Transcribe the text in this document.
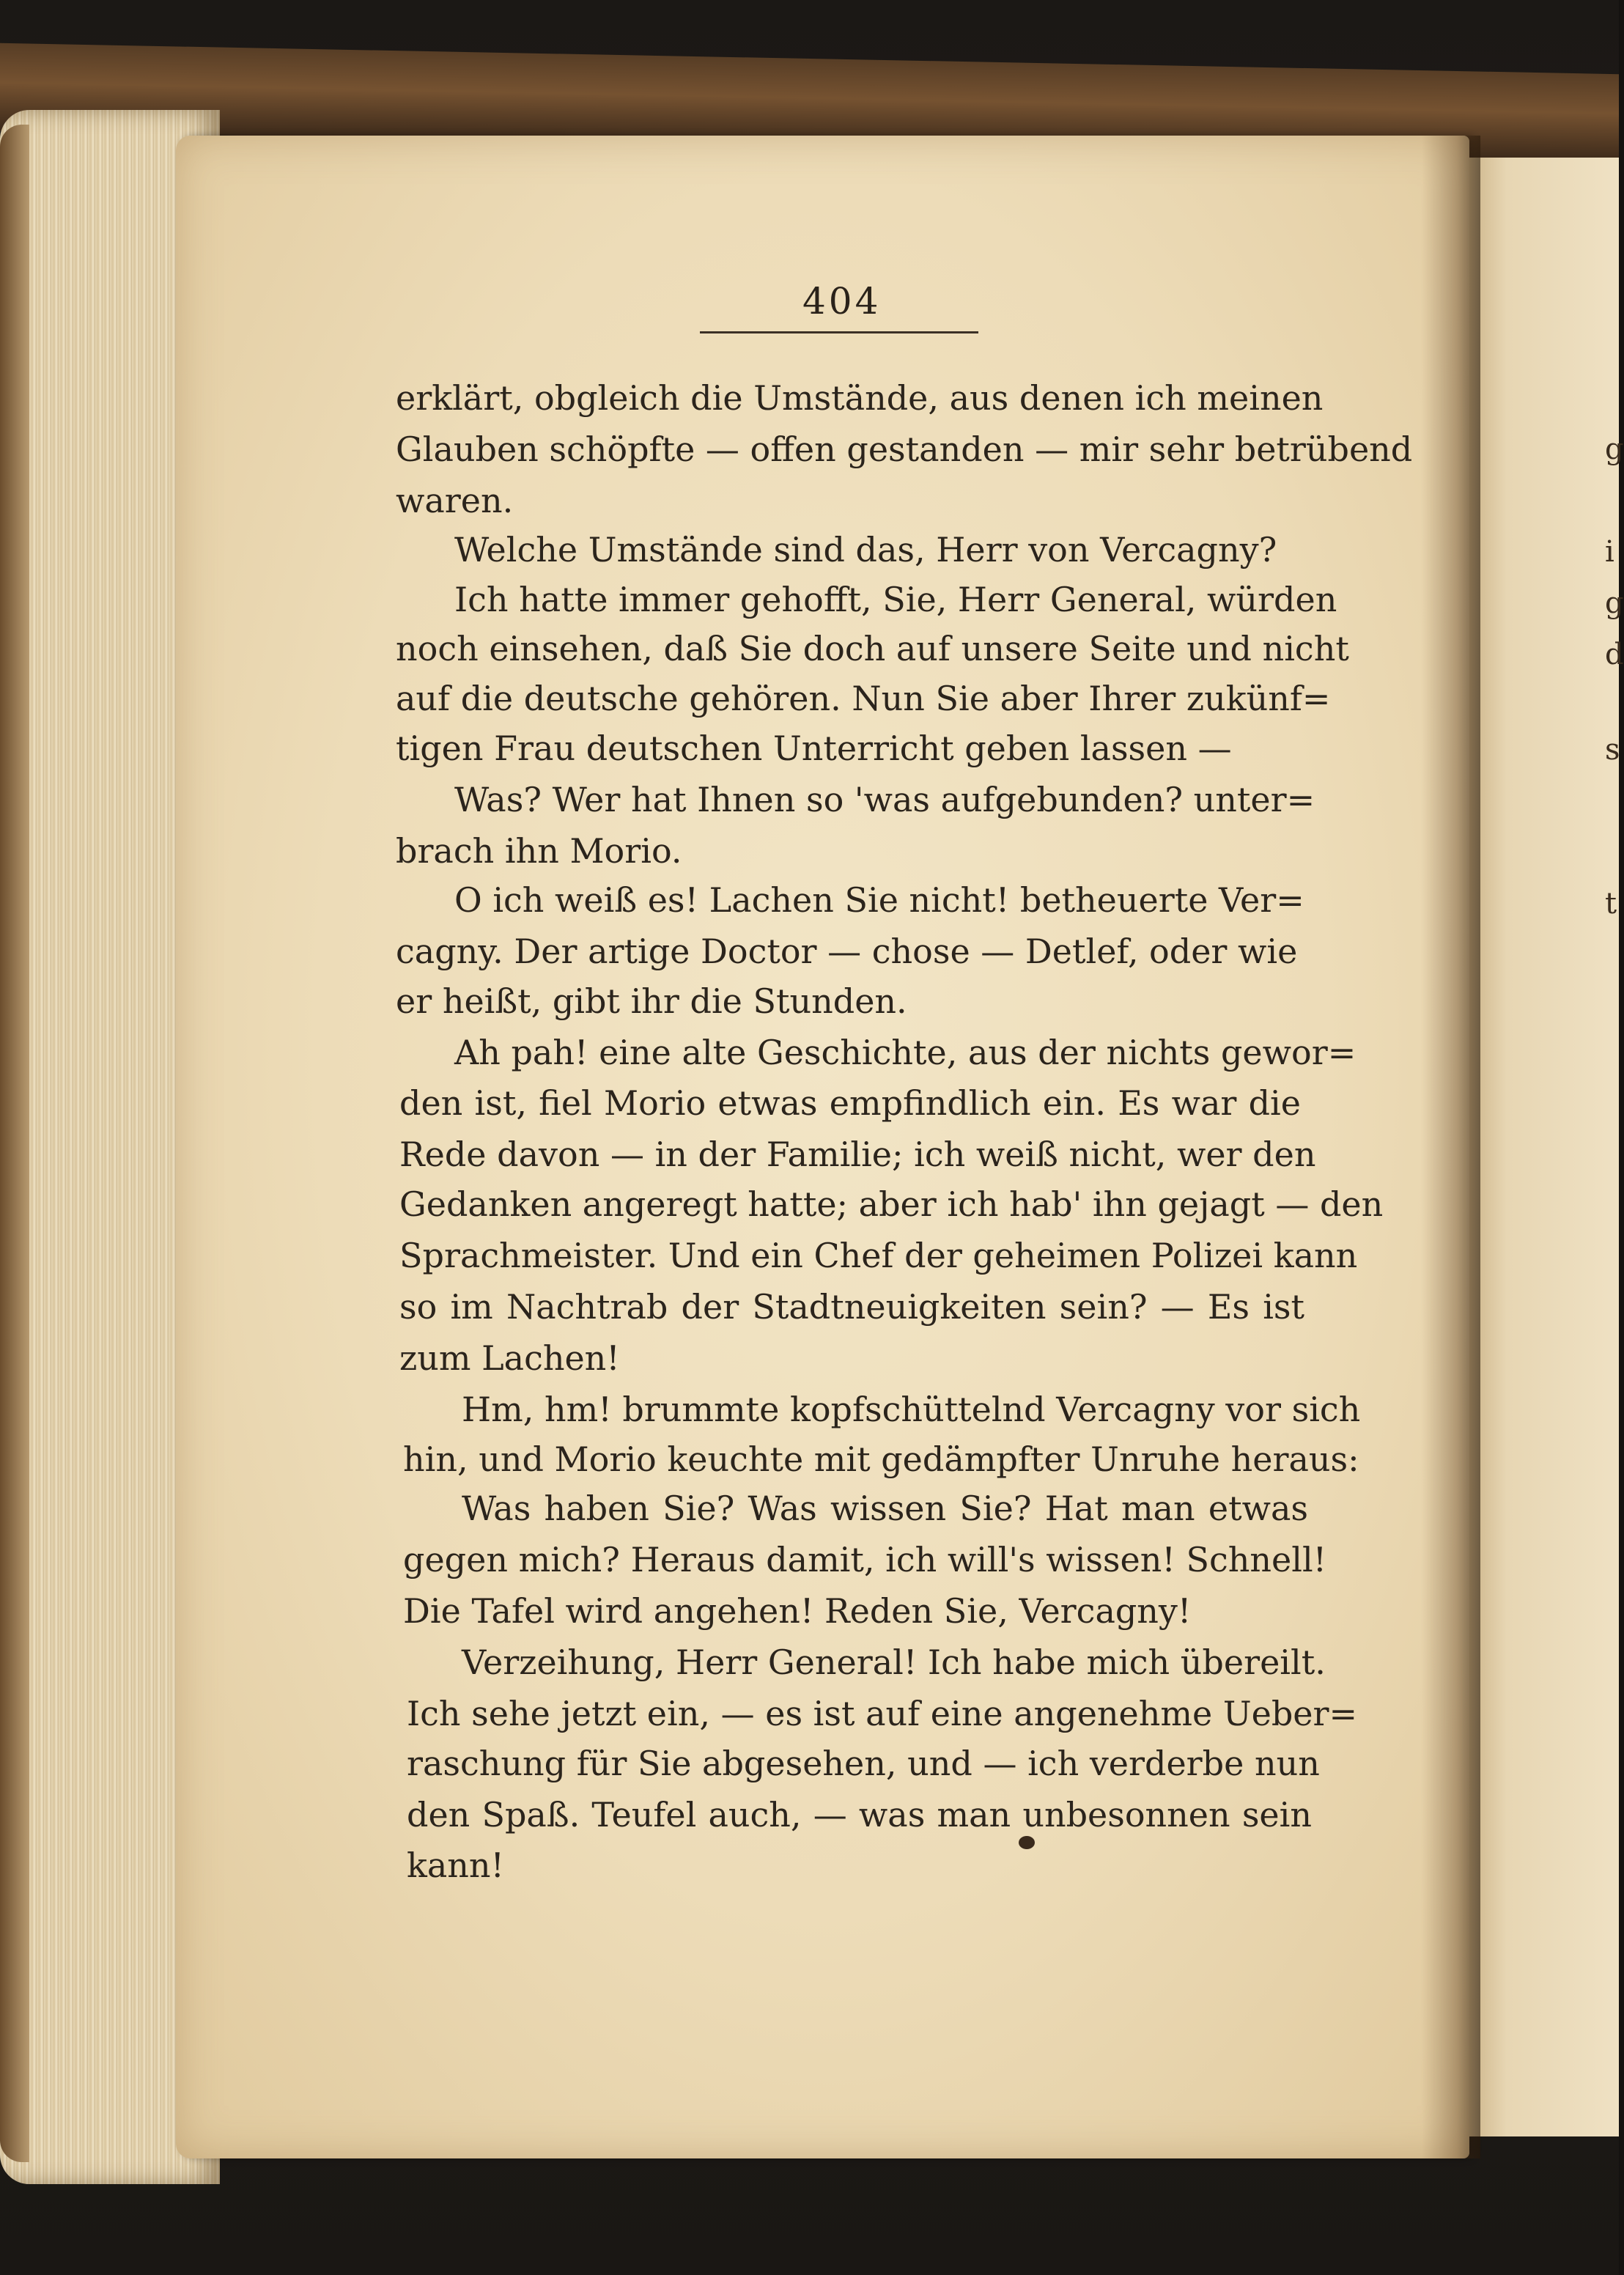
g
i
g
d
s
t
404
erklärt, obgleich die Umstände, aus denen ich meinen
Glauben schöpfte — offen gestanden — mir sehr betrübend
waren.
Welche Umstände sind das, Herr von Vercagny?
Ich hatte immer gehofft, Sie, Herr General, würden
noch einsehen, daß Sie doch auf unsere Seite und nicht
auf die deutsche gehören. Nun Sie aber Ihrer zukünf=
tigen Frau deutschen Unterricht geben lassen —
Was? Wer hat Ihnen so 'was aufgebunden? unter=
brach ihn Morio.
O ich weiß es! Lachen Sie nicht! betheuerte Ver=
cagny. Der artige Doctor — chose — Detlef, oder wie
er heißt, gibt ihr die Stunden.
Ah pah! eine alte Geschichte, aus der nichts gewor=
den ist, fiel Morio etwas empfindlich ein. Es war die
Rede davon — in der Familie; ich weiß nicht, wer den
Gedanken angeregt hatte; aber ich hab' ihn gejagt — den
Sprachmeister. Und ein Chef der geheimen Polizei kann
so im Nachtrab der Stadtneuigkeiten sein? — Es ist
zum Lachen!
Hm, hm! brummte kopfschüttelnd Vercagny vor sich
hin, und Morio keuchte mit gedämpfter Unruhe heraus:
Was haben Sie? Was wissen Sie? Hat man etwas
gegen mich? Heraus damit, ich will's wissen! Schnell!
Die Tafel wird angehen! Reden Sie, Vercagny!
Verzeihung, Herr General! Ich habe mich übereilt.
Ich sehe jetzt ein, — es ist auf eine angenehme Ueber=
raschung für Sie abgesehen, und — ich verderbe nun
den Spaß. Teufel auch, — was man unbesonnen sein
kann!
